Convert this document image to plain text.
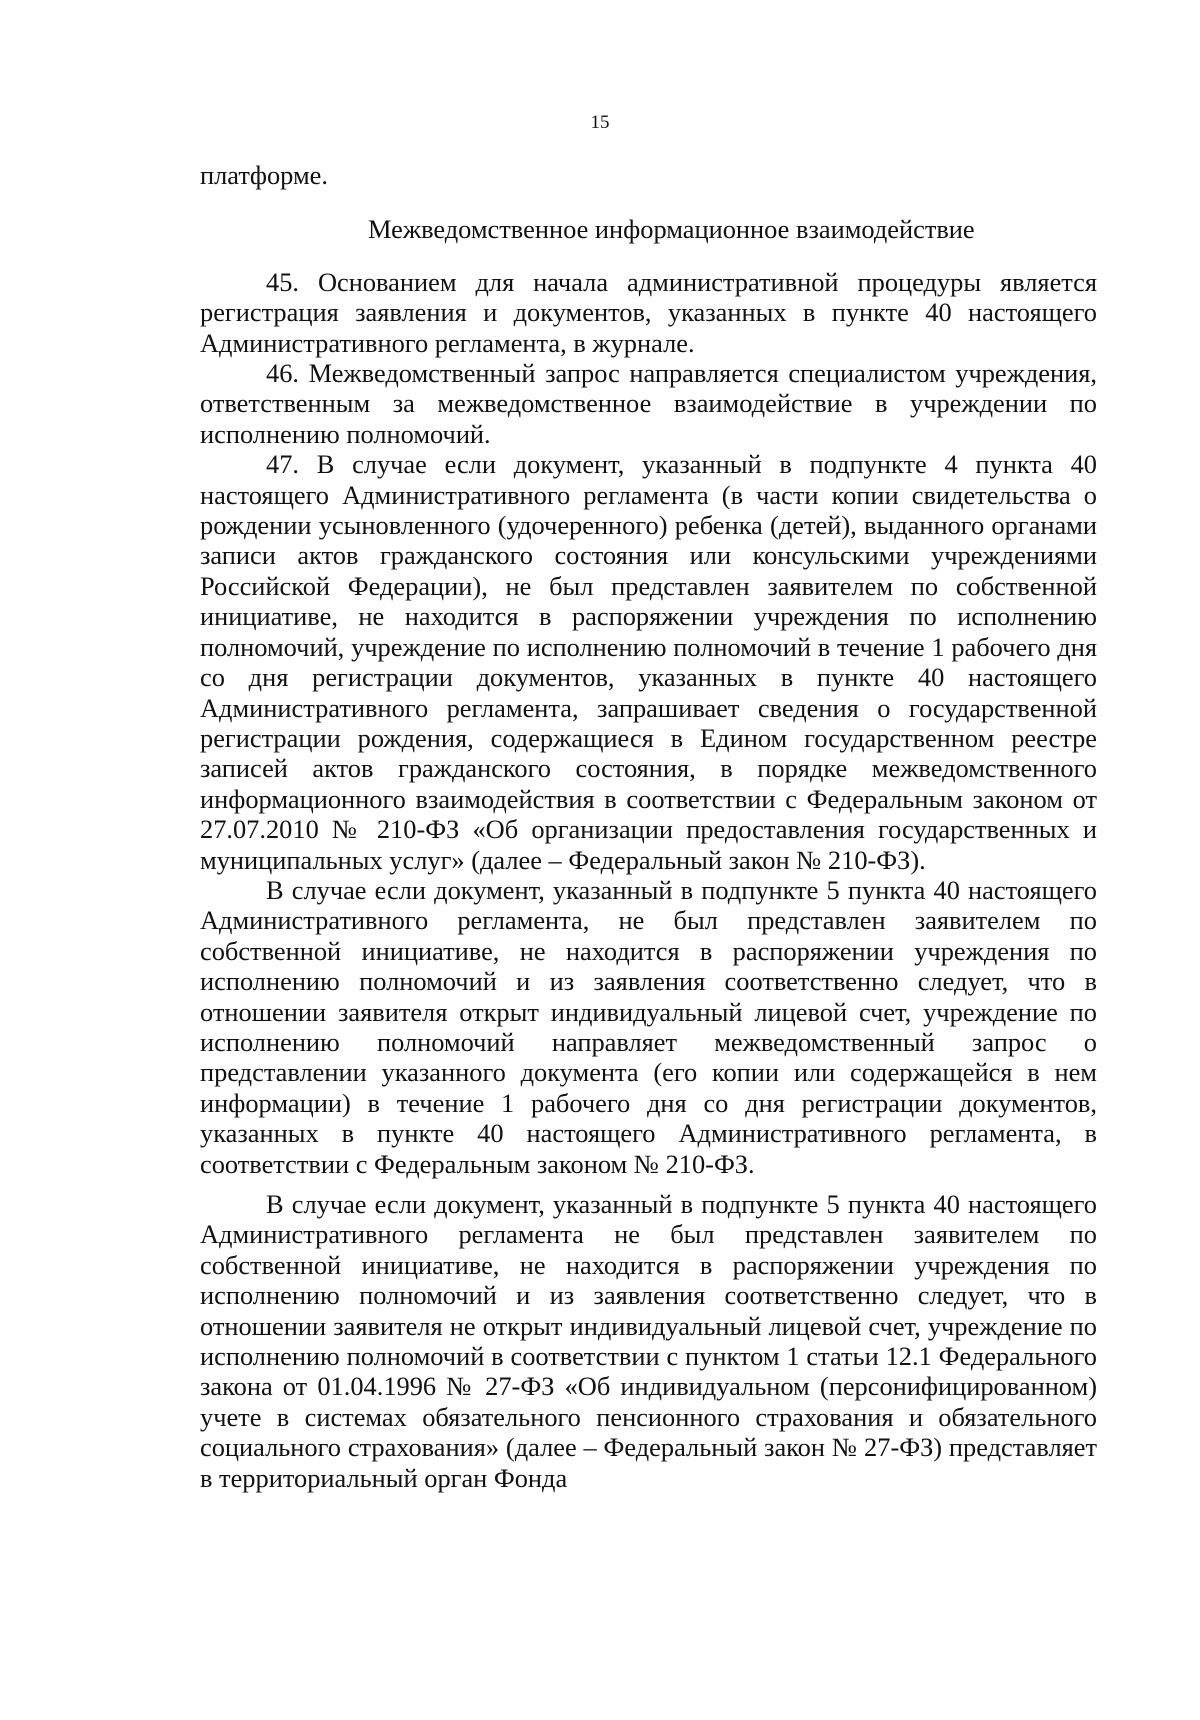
15

платформе.

Межведомственное информационное взаимодействие

45. Основанием для начала административной процедуры является регистрация заявления и документов, указанных в пункте 40 настоящего Административного регламента, в журнале.

46. Межведомственный запрос направляется специалистом учреждения, ответственным за межведомственное взаимодействие в учреждении по исполнению полномочий.

47. В случае если документ, указанный в подпункте 4 пункта 40 настоящего Административного регламента (в части копии свидетельства о рождении усыновленного (удочеренного) ребенка (детей), выданного органами записи актов гражданского состояния или консульскими учреждениями Российской Федерации), не был представлен заявителем по собственной инициативе, не находится в распоряжении учреждения по исполнению полномочий, учреждение по исполнению полномочий в течение 1 рабочего дня со дня регистрации документов, указанных в пункте 40 настоящего Административного регламента, запрашивает сведения о государственной регистрации рождения, содержащиеся в Едином государственном реестре записей актов гражданского состояния, в порядке межведомственного информационного взаимодействия в соответствии с Федеральным законом от 27.07.2010 № 210-ФЗ «Об организации предоставления государственных и муниципальных услуг» (далее – Федеральный закон № 210-ФЗ).

В случае если документ, указанный в подпункте 5 пункта 40 настоящего Административного регламента, не был представлен заявителем по собственной инициативе, не находится в распоряжении учреждения по исполнению полномочий и из заявления соответственно следует, что в отношении заявителя открыт индивидуальный лицевой счет, учреждение по исполнению полномочий направляет межведомственный запрос о представлении указанного документа (его копии или содержащейся в нем информации) в течение 1 рабочего дня со дня регистрации документов, указанных в пункте 40 настоящего Административного регламента, в соответствии с Федеральным законом № 210-ФЗ.

В случае если документ, указанный в подпункте 5 пункта 40 настоящего Административного регламента не был представлен заявителем по собственной инициативе, не находится в распоряжении учреждения по исполнению полномочий и из заявления соответственно следует, что в отношении заявителя не открыт индивидуальный лицевой счет, учреждение по исполнению полномочий в соответствии с пунктом 1 статьи 12.1 Федерального закона от 01.04.1996 № 27-ФЗ «Об индивидуальном (персонифицированном) учете в системах обязательного пенсионного страхования и обязательного социального страхования» (далее – Федеральный закон № 27-ФЗ) представляет в территориальный орган Фонда
